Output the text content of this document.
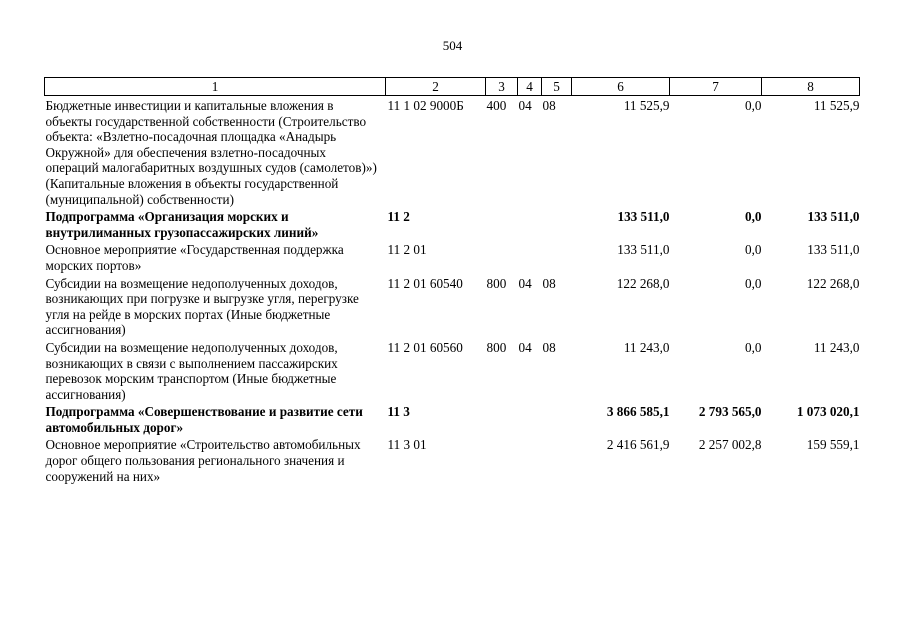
504
1	2	3	4	5	6	7	8
Бюджетные инвестиции и капитальные вложения в объекты государственной собственности (Строительство объекта: «Взлетно-посадочная площадка «Анадырь Окружной» для обеспечения взлетно-посадочных операций малогабаритных воздушных судов (самолетов)») (Капитальные вложения в объекты государственной (муниципальной) собственности)	11 1 02 9000Б	400	04	08	11 525,9	0,0	11 525,9
Подпрограмма «Организация морских и внутрилиманных грузопассажирских линий»	11 2				133 511,0	0,0	133 511,0
Основное мероприятие «Государственная поддержка морских портов»	11 2 01				133 511,0	0,0	133 511,0
Субсидии на возмещение недополученных доходов, возникающих при погрузке и выгрузке угля, перегрузке угля на рейде в морских портах (Иные бюджетные ассигнования)	11 2 01 60540	800	04	08	122 268,0	0,0	122 268,0
Субсидии на возмещение недополученных доходов, возникающих в связи с выполнением пассажирских перевозок морским транспортом (Иные бюджетные ассигнования)	11 2 01 60560	800	04	08	11 243,0	0,0	11 243,0
Подпрограмма «Совершенствование и развитие сети автомобильных дорог»	11 3				3 866 585,1	2 793 565,0	1 073 020,1
Основное мероприятие «Строительство автомобильных дорог общего пользования регионального значения и сооружений на них»	11 3 01				2 416 561,9	2 257 002,8	159 559,1
